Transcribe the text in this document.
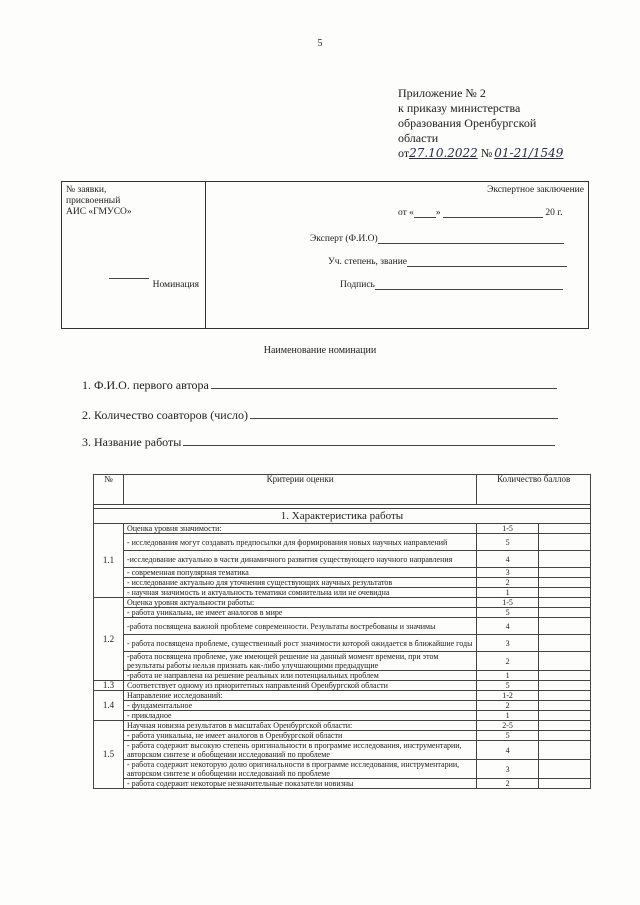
5
Приложение № 2
к приказу министерства
образования Оренбургской
области
от 27.10.2022 № 01-21/1549
№ заявки,
присвоенный
АИС «ГМУСО»
Номинация
Экспертное заключение
от « »	20 г.
Эксперт (Ф.И.О)
Уч. степень, звание
Подпись
Наименование номинации
1. Ф.И.О. первого автора
2. Количество соавторов (число)
3. Название работы
№	Критерии оценки	Количество баллов	

1. Характеристика работы			
1.1	Оценка уровня значимости:	1-5	
	- исследования могут создавать предпосылки для формирования новых научных направлений	5	
	-исследование актуально в части динамичного развития существующего научного направления	4	
	- современная популярная тематика	3	
	- исследование актуально для уточнения существующих научных результатов	2	
	- научная значимость и актуальность тематики сомнительна или не очевидна	1	
1.2	Оценка уровня актуальности работы:	1-5	
	- работа уникальна, не имеет аналогов в мире	5	
	-работа посвящена важной проблеме современности. Результаты востребованы и значимы	4	
	- работа посвящена проблеме, существенный рост значимости которой ожидается в ближайшие годы	3	
	-работа посвящена проблеме, уже имеющей решение на данный момент времени, при этом результаты работы нельзя признать как-либо улучшающими предыдущие	2	
	-работа не направлена на решение реальных или потенциальных проблем	1	
1.3	Соответствует одному из приоритетных направлений Оренбургской области	5	
1.4	Направление исследований:	1-2	
	- фундаментальное	2	
	- прикладное	1	
1.5	Научная новизна результатов в масштабах Оренбургской области:	2-5	
	- работа уникальна, не имеет аналогов в Оренбургской области	5	
	- работа содержит высокую степень оригинальности в программе исследования, инструментарии, авторском синтезе и обобщении исследований по проблеме	4	
	- работа содержит некоторую долю оригинальности в программе исследования, инструментарии, авторском синтезе и обобщении исследований по проблеме	3	
	- работа содержит некоторые незначительные показатели новизны	2	
